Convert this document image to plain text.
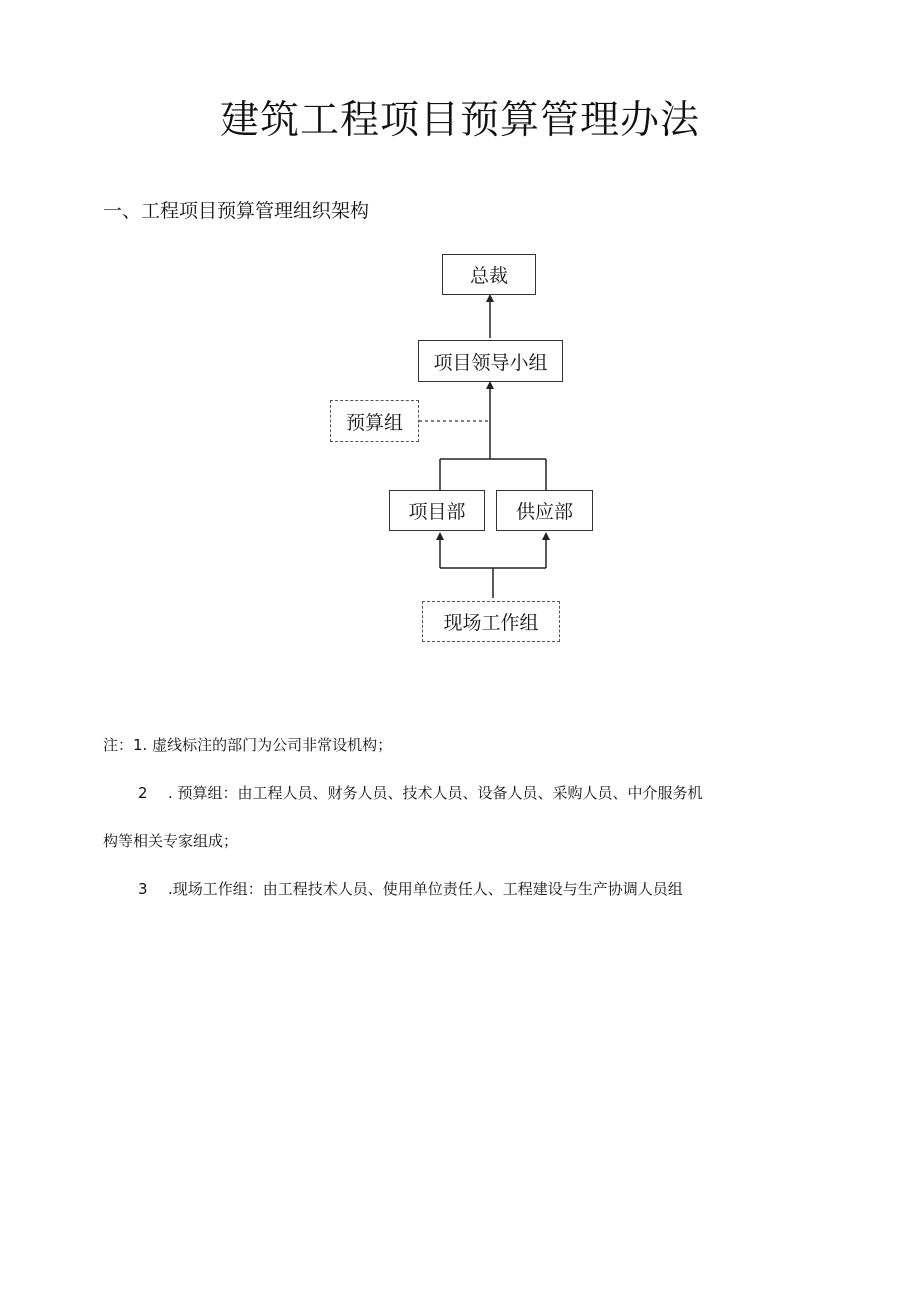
建筑工程项目预算管理办法
一、工程项目预算管理组织架构
总裁
项目领导小组
预算组
项目部	供应部
现场工作组
注：1. 虚线标注的部门为公司非常设机构；
2 . 预算组：由工程人员、财务人员、技术人员、设备人员、采购人员、中介服务机
构等相关专家组成；
3 .现场工作组：由工程技术人员、使用单位责任人、工程建设与生产协调人员组
